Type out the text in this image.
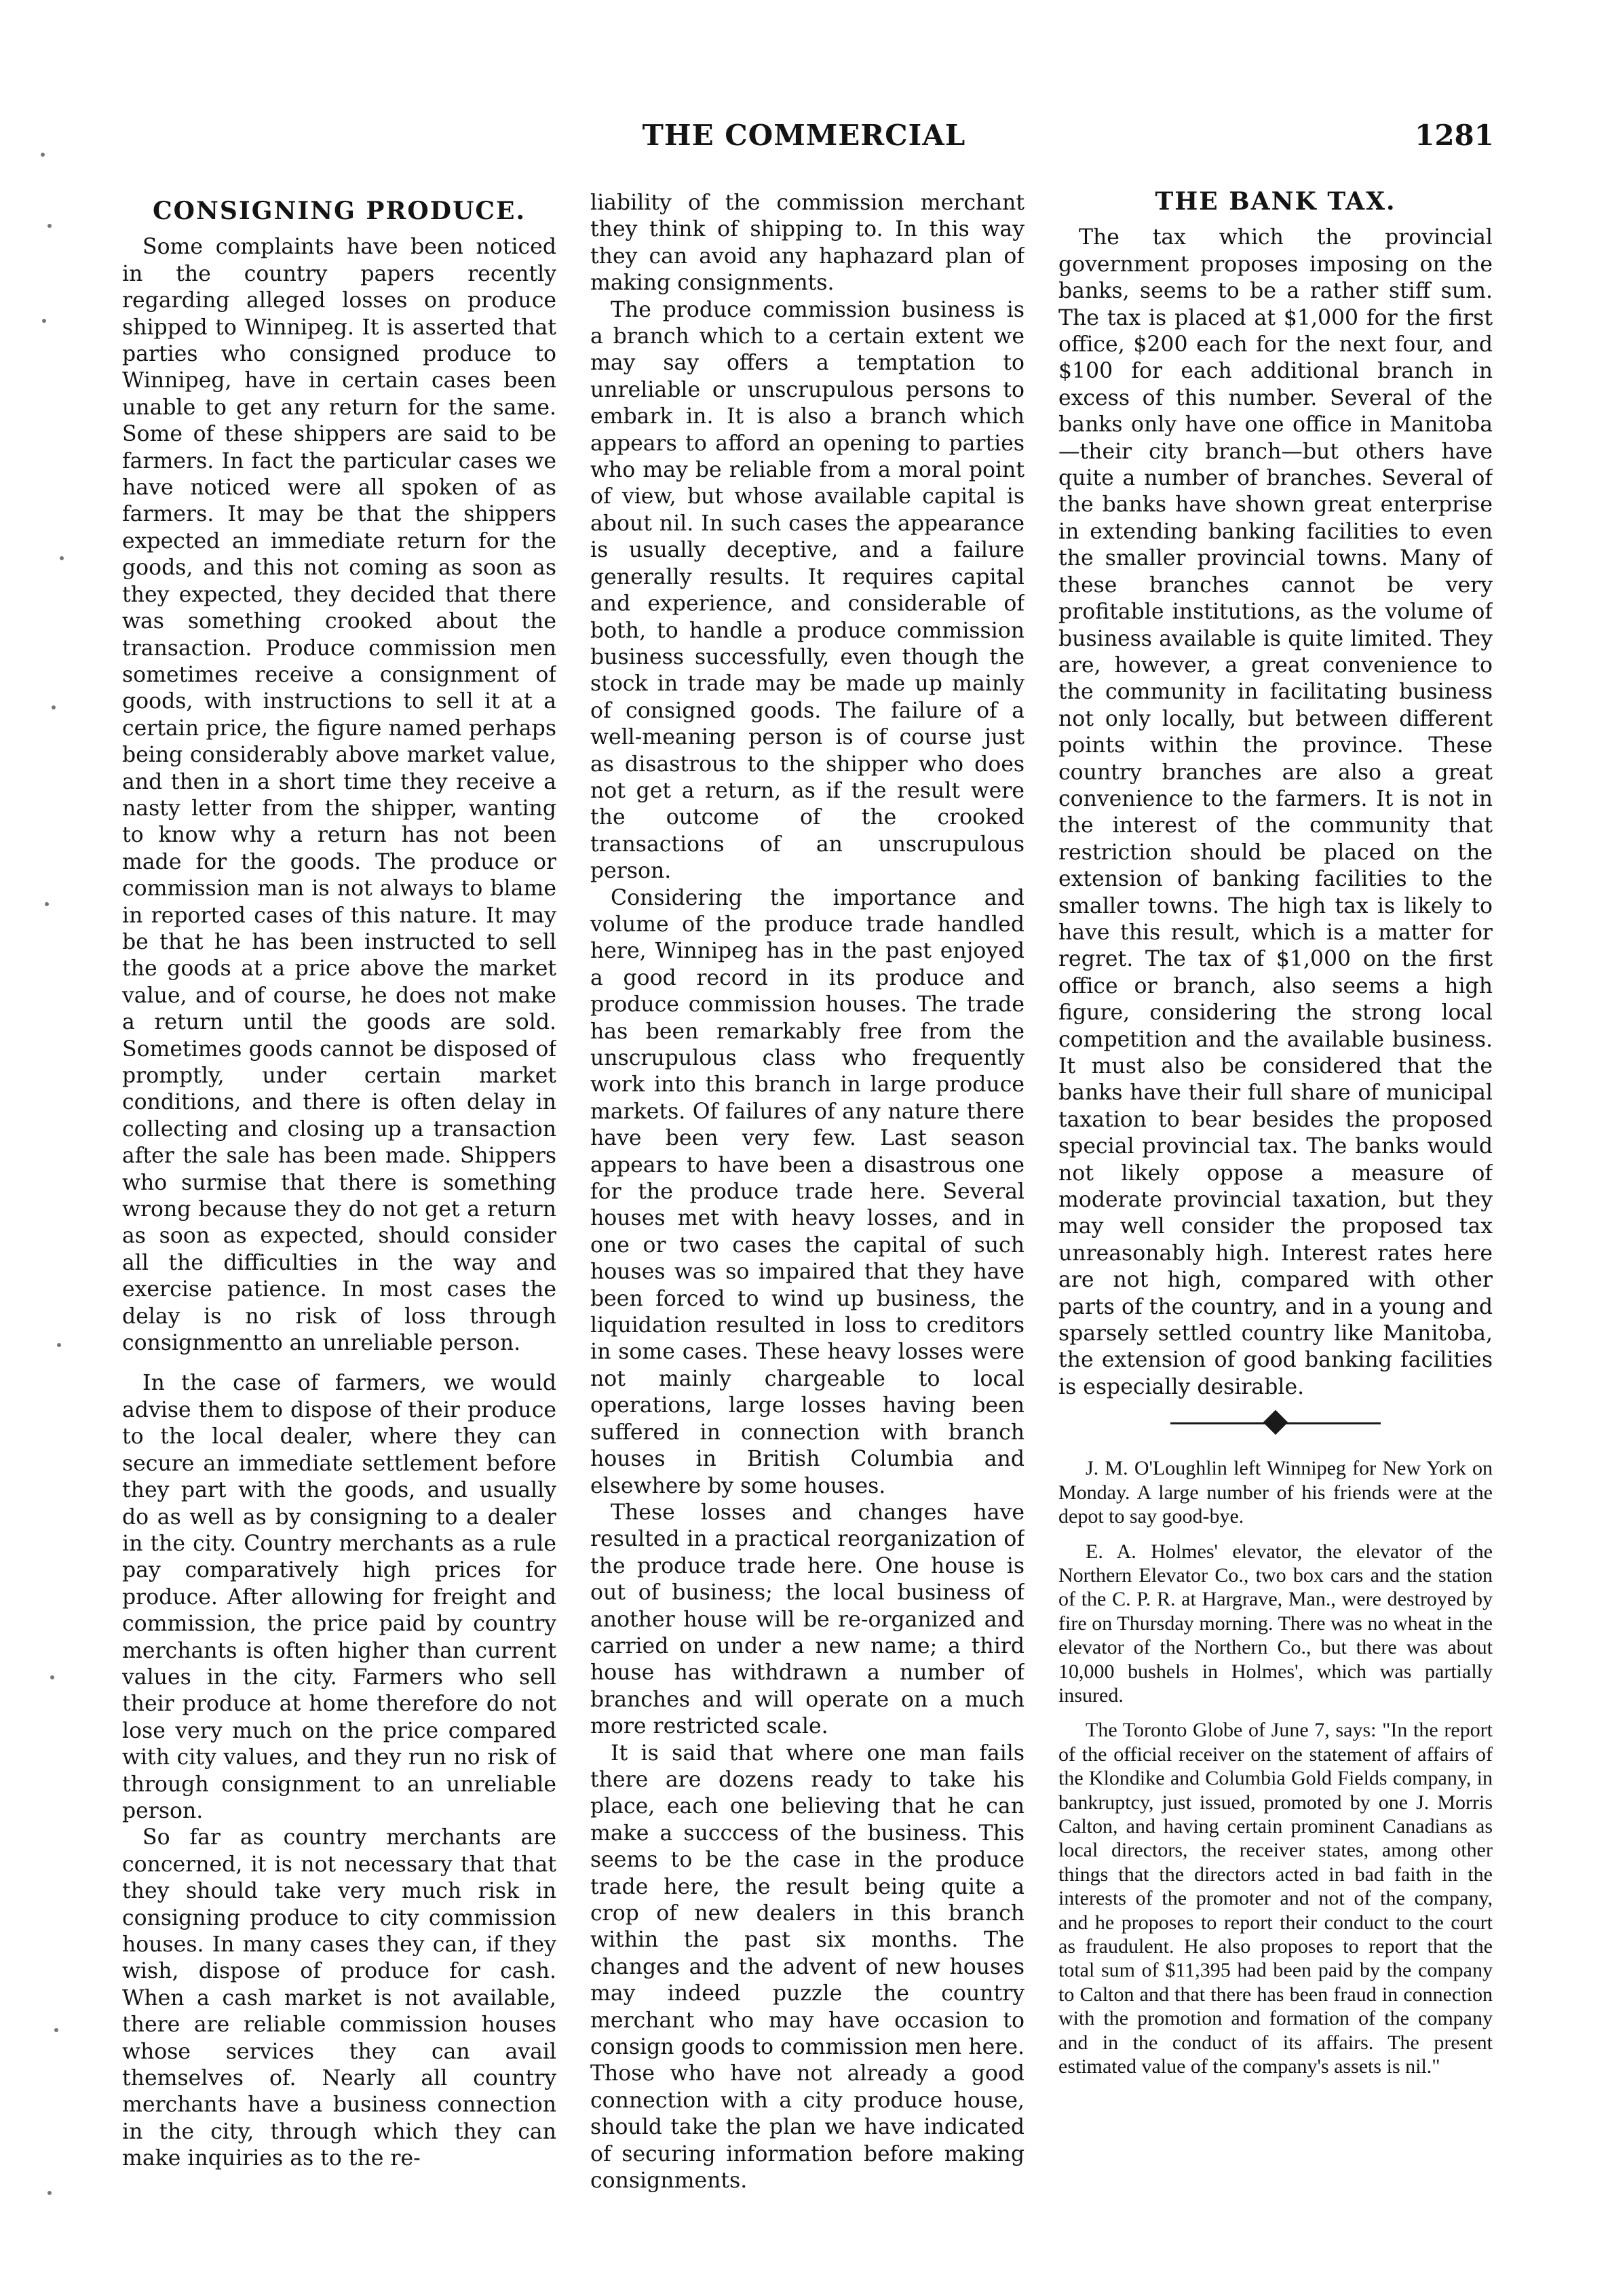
THE COMMERCIAL	1281
CONSIGNING PRODUCE.

Some complaints have been noticed in the country papers recently regarding alleged losses on produce shipped to Winnipeg. It is asserted that parties who consigned produce to Winnipeg, have in certain cases been unable to get any return for the same. Some of these shippers are said to be farmers. In fact the particular cases we have noticed were all spoken of as farmers. It may be that the shippers expected an immediate return for the goods, and this not coming as soon as they expected, they decided that there was something crooked about the transaction. Produce commission men sometimes receive a consignment of goods, with instructions to sell it at a certain price, the figure named perhaps being considerably above market value, and then in a short time they receive a nasty letter from the shipper, wanting to know why a return has not been made for the goods. The produce or commission man is not always to blame in reported cases of this nature. It may be that he has been instructed to sell the goods at a price above the market value, and of course, he does not make a return until the goods are sold. Sometimes goods cannot be disposed of promptly, under certain market conditions, and there is often delay in collecting and closing up a transaction after the sale has been made. Shippers who surmise that there is something wrong because they do not get a return as soon as expected, should consider all the difficulties in the way and exercise patience. In most cases the delay is no risk of loss through consignmentto an unreliable person.

In the case of farmers, we would advise them to dispose of their produce to the local dealer, where they can secure an immediate settlement before they part with the goods, and usually do as well as by consigning to a dealer in the city. Country merchants as a rule pay comparatively high prices for produce. After allowing for freight and commission, the price paid by country merchants is often higher than current values in the city. Farmers who sell their produce at home therefore do not lose very much on the price compared with city values, and they run no risk of through consignment to an unreliable person.

So far as country merchants are concerned, it is not necessary that that they should take very much risk in consigning produce to city commission houses. In many cases they can, if they wish, dispose of produce for cash. When a cash market is not available, there are reliable commission houses whose services they can avail themselves of. Nearly all country merchants have a business connection in the city, through which they can make inquiries as to the re-

liability of the commission merchant they think of shipping to. In this way they can avoid any haphazard plan of making consignments.

The produce commission business is a branch which to a certain extent we may say offers a temptation to unreliable or unscrupulous persons to embark in. It is also a branch which appears to afford an opening to parties who may be reliable from a moral point of view, but whose available capital is about nil. In such cases the appearance is usually deceptive, and a failure generally results. It requires capital and experience, and considerable of both, to handle a produce commission business successfully, even though the stock in trade may be made up mainly of consigned goods. The failure of a well-meaning person is of course just as disastrous to the shipper who does not get a return, as if the result were the outcome of the crooked transactions of an unscrupulous person.

Considering the importance and volume of the produce trade handled here, Winnipeg has in the past enjoyed a good record in its produce and produce commission houses. The trade has been remarkably free from the unscrupulous class who frequently work into this branch in large produce markets. Of failures of any nature there have been very few. Last season appears to have been a disastrous one for the produce trade here. Several houses met with heavy losses, and in one or two cases the capital of such houses was so impaired that they have been forced to wind up business, the liquidation resulted in loss to creditors in some cases. These heavy losses were not mainly chargeable to local operations, large losses having been suffered in connection with branch houses in British Columbia and elsewhere by some houses.

These losses and changes have resulted in a practical reorganization of the produce trade here. One house is out of business; the local business of another house will be re-organized and carried on under a new name; a third house has withdrawn a number of branches and will operate on a much more restricted scale.

It is said that where one man fails there are dozens ready to take his place, each one believing that he can make a succcess of the business. This seems to be the case in the produce trade here, the result being quite a crop of new dealers in this branch within the past six months. The changes and the advent of new houses may indeed puzzle the country merchant who may have occasion to consign goods to commission men here. Those who have not already a good connection with a city produce house, should take the plan we have indicated of securing information before making consignments.

THE BANK TAX.

The tax which the provincial government proposes imposing on the banks, seems to be a rather stiff sum. The tax is placed at $1,000 for the first office, $200 each for the next four, and $100 for each additional branch in excess of this number. Several of the banks only have one office in Manitoba—their city branch—but others have quite a number of branches. Several of the banks have shown great enterprise in extending banking facilities to even the smaller provincial towns. Many of these branches cannot be very profitable institutions, as the volume of business available is quite limited. They are, however, a great convenience to the community in facilitating business not only locally, but between different points within the province. These country branches are also a great convenience to the farmers. It is not in the interest of the community that restriction should be placed on the extension of banking facilities to the smaller towns. The high tax is likely to have this result, which is a matter for regret. The tax of $1,000 on the first office or branch, also seems a high figure, considering the strong local competition and the available business. It must also be considered that the banks have their full share of municipal taxation to bear besides the proposed special provincial tax. The banks would not likely oppose a measure of moderate provincial taxation, but they may well consider the proposed tax unreasonably high. Interest rates here are not high, compared with other parts of the country, and in a young and sparsely settled country like Manitoba, the extension of good banking facilities is especially desirable.

J. M. O'Loughlin left Winnipeg for New York on Monday. A large number of his friends were at the depot to say good-bye.

E. A. Holmes' elevator, the elevator of the Northern Elevator Co., two box cars and the station of the C. P. R. at Hargrave, Man., were destroyed by fire on Thursday morning. There was no wheat in the elevator of the Northern Co., but there was about 10,000 bushels in Holmes', which was partially insured.

The Toronto Globe of June 7, says: "In the report of the official receiver on the statement of affairs of the Klondike and Columbia Gold Fields company, in bankruptcy, just issued, promoted by one J. Morris Calton, and having certain prominent Canadians as local directors, the receiver states, among other things that the directors acted in bad faith in the interests of the promoter and not of the company, and he proposes to report their conduct to the court as fraudulent. He also proposes to report that the total sum of $11,395 had been paid by the company to Calton and that there has been fraud in connection with the promotion and formation of the company and in the conduct of its affairs. The present estimated value of the company's assets is nil."
